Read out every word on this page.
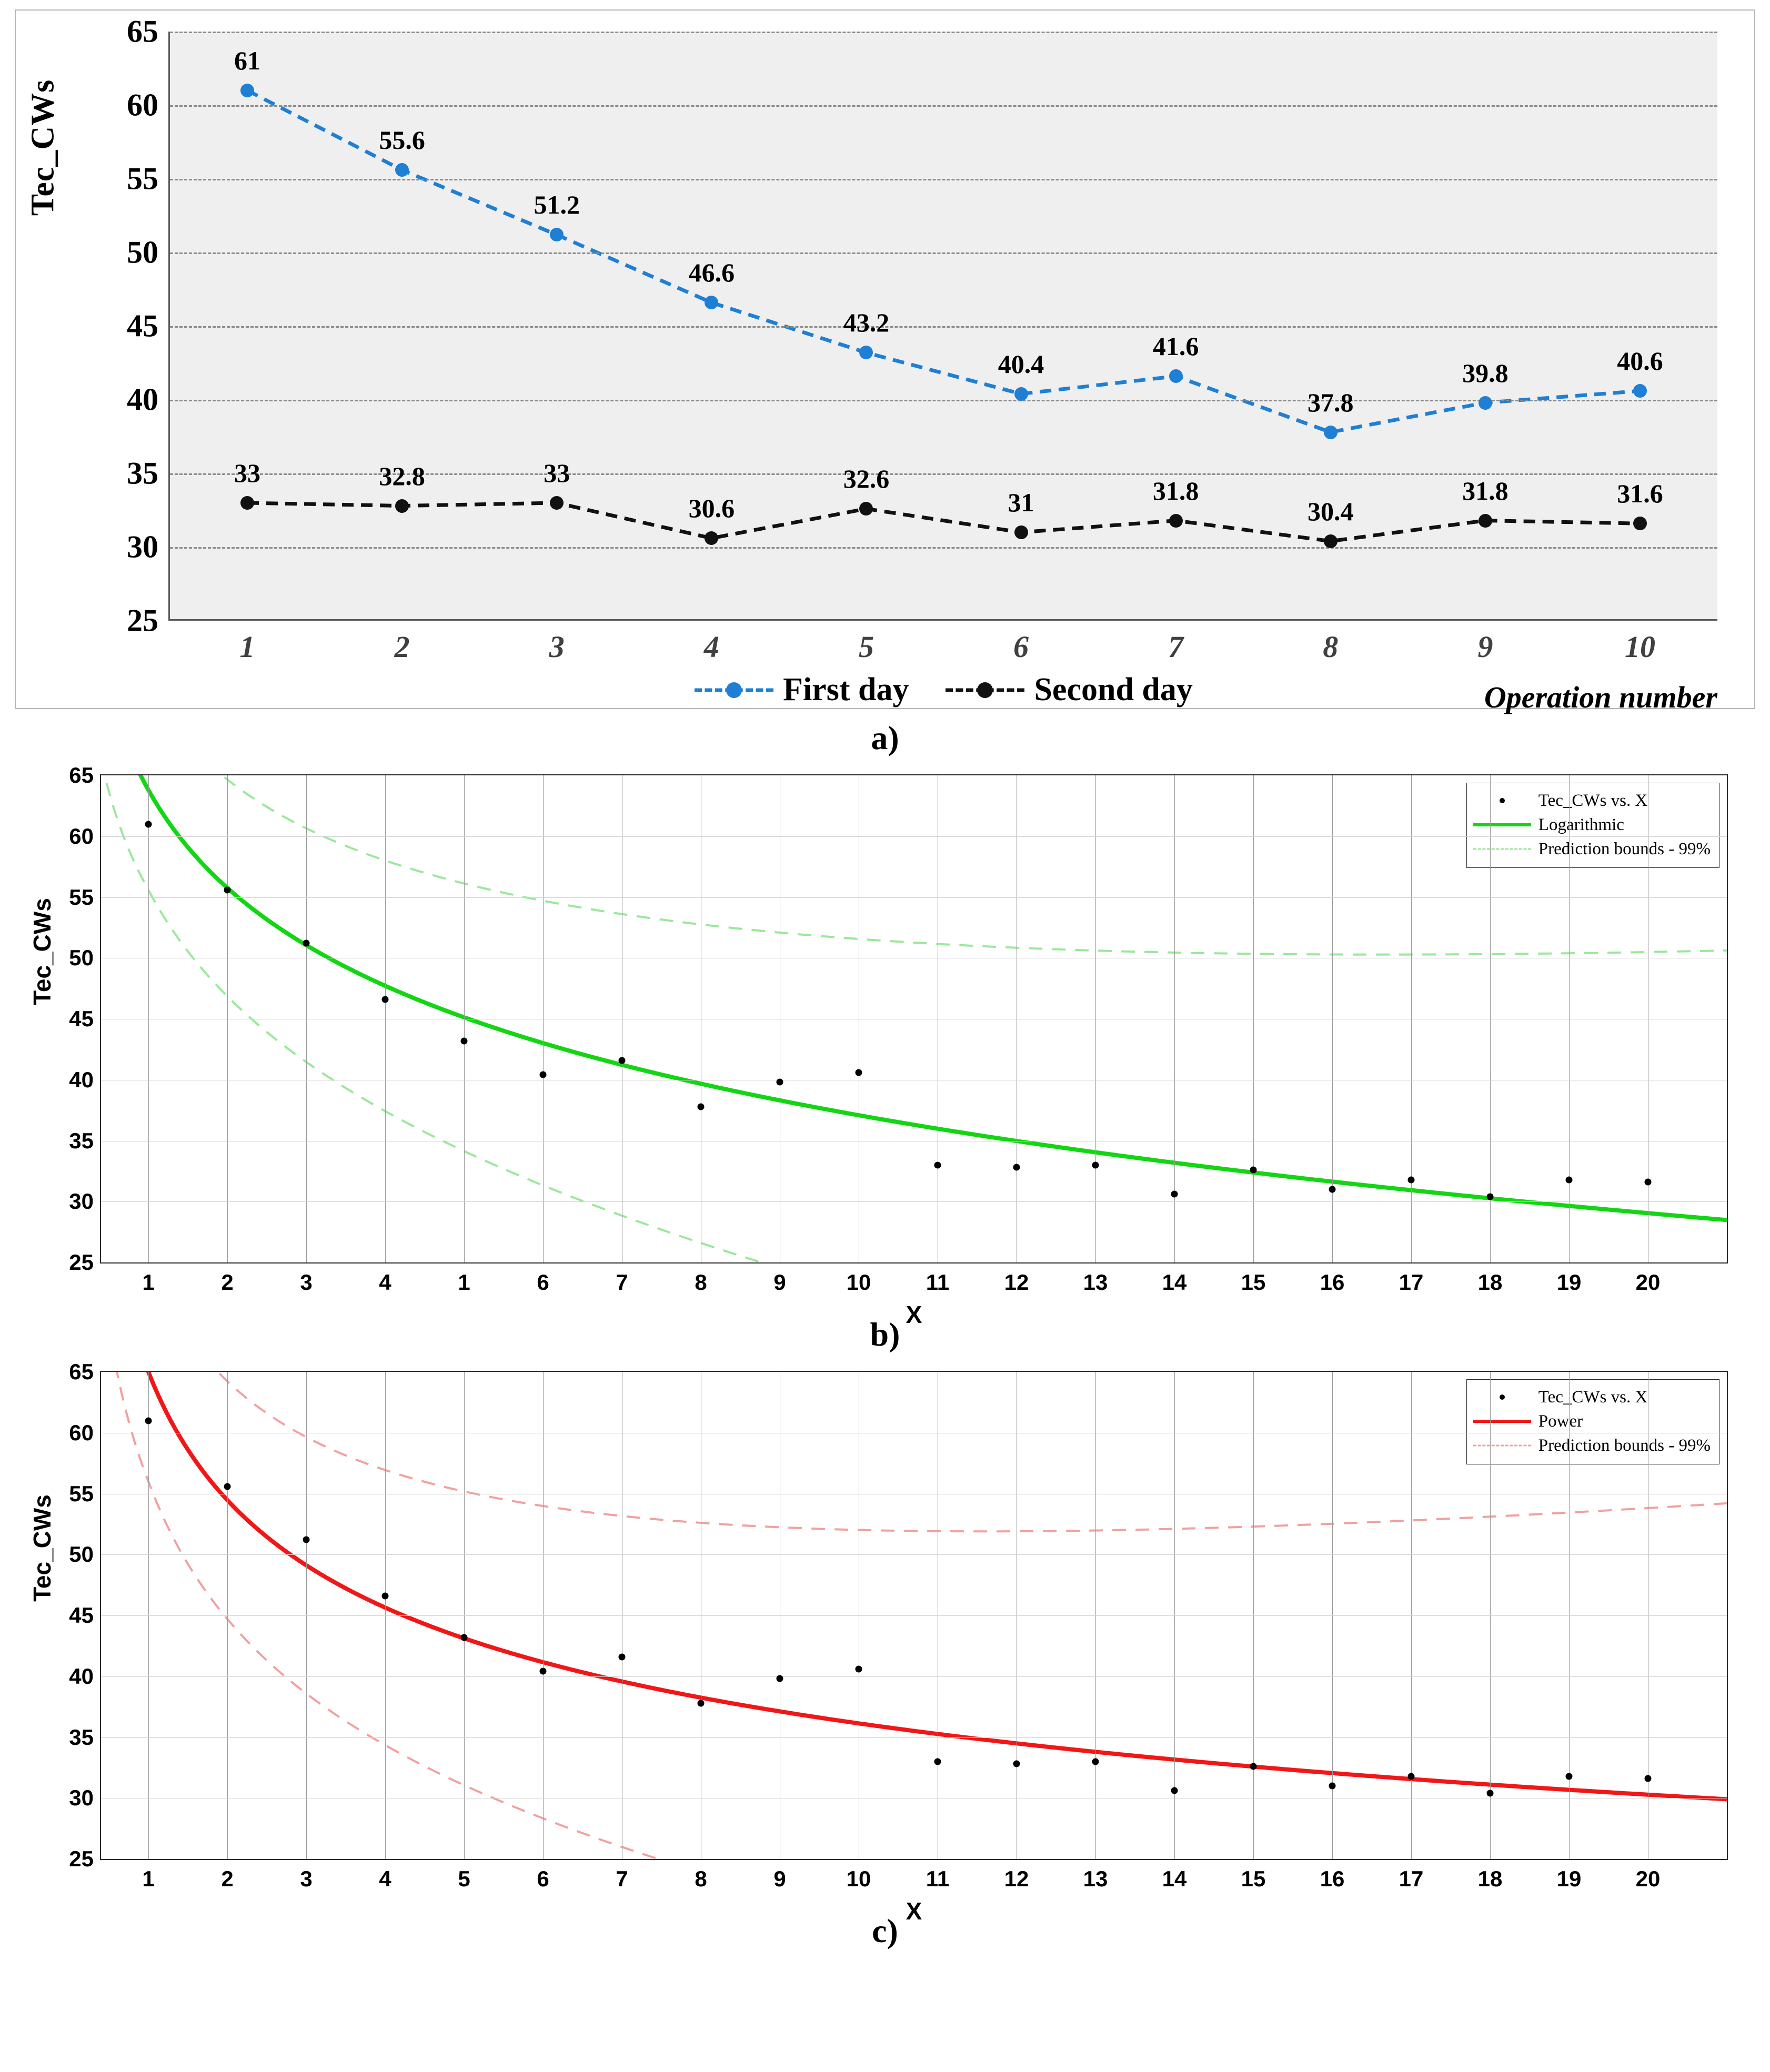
Tec_CWs
First day	Second day	Operation number
25
30
35
40
45
50
55
60
65
1	2	3	4	5	6	7	8	9	10
61
55.6
51.2
46.6
43.2
40.4
41.6
37.8
39.8	40.6
33	32.8	33
30.6
32.6
31	31.8
30.4
31.8	31.6
a)
Tec_CWs
Tec_CWs vs. X
Logarithmic
Prediction bounds - 99%
X
1	2	3	4	1	6	7	8	9	10 11 12 13 14 15 16 17 18 19 20
25
30
35
40
45
50
55
60
65
b)
Tec_CWs
Tec_CWs vs. X
Power
Prediction bounds - 99%
X
1	2	3	4	5	6	7	8	9	10 11 12 13 14 15 16 17 18 19 20
25
30
35
40
45
50
55
60
65
c)
